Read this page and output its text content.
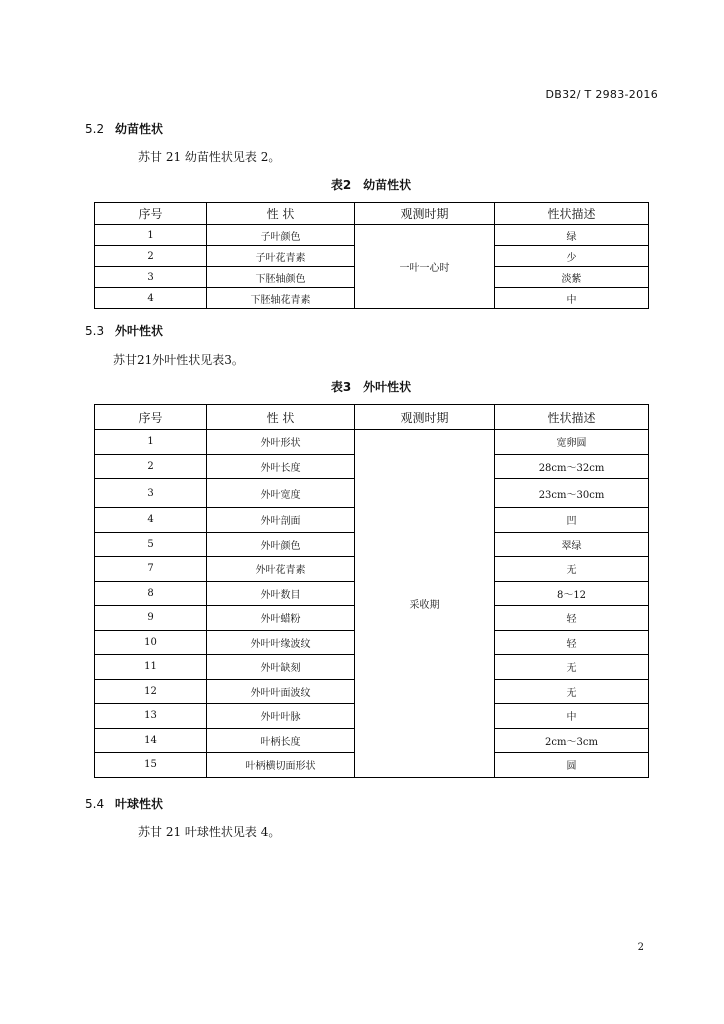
DB32/ T 2983-2016
5.2 幼苗性状
苏甘 21 幼苗性状见表 2。
表2　幼苗性状
序号	性 状	观测时期	性状描述
1	子叶颜色	一叶一心时	绿
2	子叶花青素		少
3	下胚轴颜色		淡紫
4	下胚轴花青素		中
5.3 外叶性状
苏甘21外叶性状见表3。
表3　外叶性状
序号	性 状	观测时期	性状描述
1	外叶形状	采收期	宽卵圆
2	外叶长度		28cm～32cm
3	外叶宽度		23cm～30cm
4	外叶剖面		凹
5	外叶颜色		翠绿
7	外叶花青素		无
8	外叶数目		8～12
9	外叶蜡粉		轻
10	外叶叶缘波纹		轻
11	外叶缺刻		无
12	外叶叶面波纹		无
13	外叶叶脉		中
14	叶柄长度		2cm～3cm
15	叶柄横切面形状		圆
5.4 叶球性状
苏甘 21 叶球性状见表 4。
2
